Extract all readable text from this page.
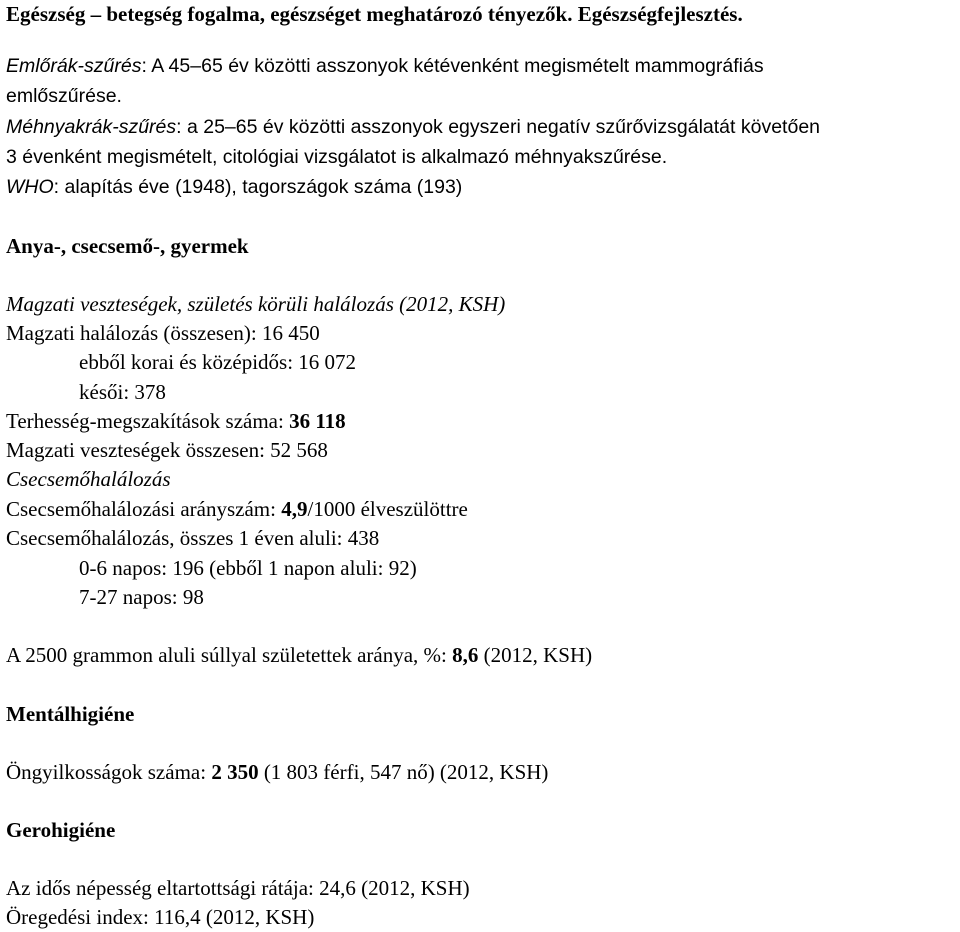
Egészség – betegség fogalma, egészséget meghatározó tényezők. Egészségfejlesztés.
Emlőrák-szűrés: A 45–65 év közötti asszonyok kétévenként megismételt mammográfiás
emlőszűrése.
Méhnyakrák-szűrés: a 25–65 év közötti asszonyok egyszeri negatív szűrővizsgálatát követően
3 évenként megismételt, citológiai vizsgálatot is alkalmazó méhnyakszűrése.
WHO: alapítás éve (1948), tagországok száma (193)
Anya-, csecsemő-, gyermek
Magzati veszteségek, születés körüli halálozás (2012, KSH)
Magzati halálozás (összesen): 16 450
ebből korai és középidős: 16 072
késői: 378
Terhesség-megszakítások száma: 36 118
Magzati veszteségek összesen: 52 568
Csecsemőhalálozás
Csecsemőhalálozási arányszám: 4,9/1000 élveszülöttre
Csecsemőhalálozás, összes 1 éven aluli: 438
0-6 napos: 196 (ebből 1 napon aluli: 92)
7-27 napos: 98
A 2500 grammon aluli súllyal születettek aránya, %: 8,6 (2012, KSH)
Mentálhigiéne
Öngyilkosságok száma: 2 350 (1 803 férfi, 547 nő) (2012, KSH)
Gerohigiéne
Az idős népesség eltartottsági rátája: 24,6 (2012, KSH)
Öregedési index: 116,4 (2012, KSH)
